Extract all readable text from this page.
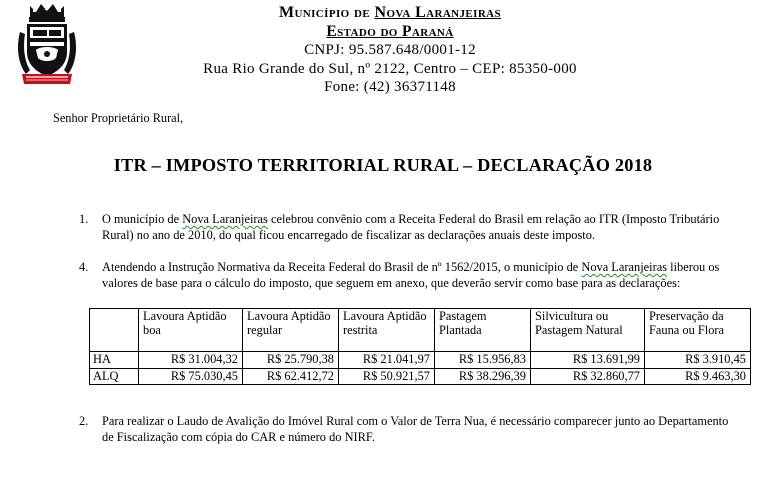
Município de Nova Laranjeiras
Estado do Paraná
CNPJ: 95.587.648/0001-12
Rua Rio Grande do Sul, nº 2122, Centro – CEP: 85350-000
Fone: (42) 36371148
Senhor Proprietário Rural,
ITR – IMPOSTO TERRITORIAL RURAL – DECLARAÇÃO 2018
1. O município de Nova Laranjeiras celebrou convênio com a Receita Federal do Brasil em relação ao ITR (Imposto Tributário Rural) no ano de 2010, do qual ficou encarregado de fiscalizar as declarações anuais deste imposto.
4. Atendendo a Instrução Normativa da Receita Federal do Brasil de nº 1562/2015, o município de Nova Laranjeiras liberou os valores de base para o cálculo do imposto, que seguem em anexo, que deverão servir como base para as declarações:
	Lavoura Aptidão boa	Lavoura Aptidão regular	Lavoura Aptidão restrita	Pastagem Plantada	Silvicultura ou Pastagem Natural	Preservação da Fauna ou Flora
HA	R$ 31.004,32	R$ 25.790,38	R$ 21.041,97	R$ 15.956,83	R$ 13.691,99	R$ 3.910,45
ALQ	R$ 75.030,45	R$ 62.412,72	R$ 50.921,57	R$ 38.296,39	R$ 32.860,77	R$ 9.463,30
2. Para realizar o Laudo de Avalição do Imóvel Rural com o Valor de Terra Nua, é necessário comparecer junto ao Departamento de Fiscalização com cópia do CAR e número do NIRF.
